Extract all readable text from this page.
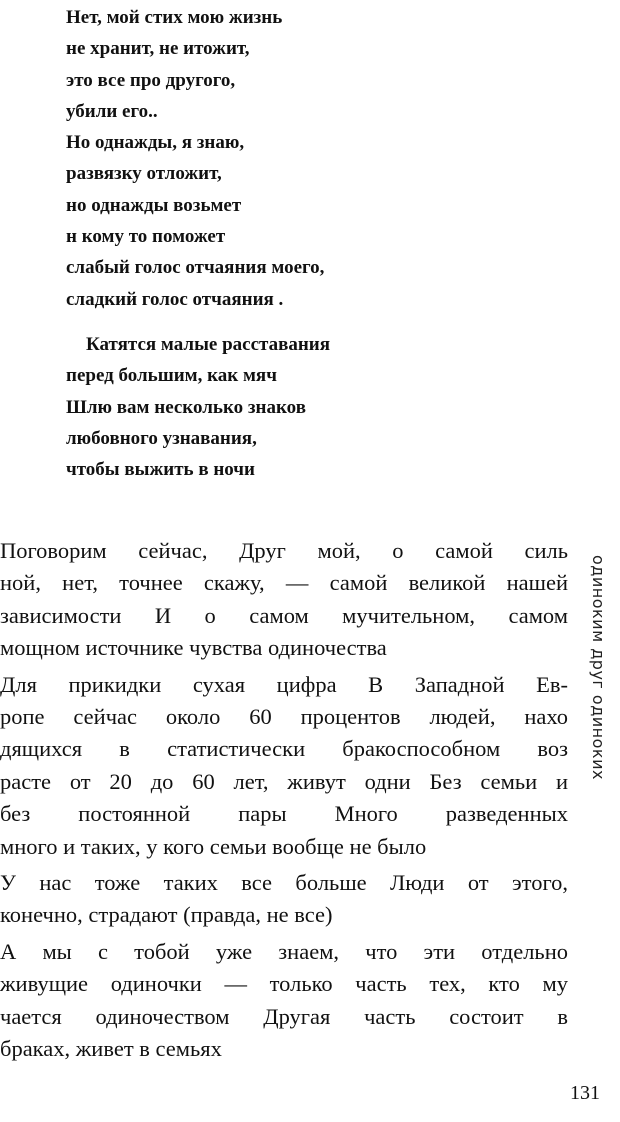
Нет, мой стих мою жизнь
не хранит, не итожит,
это все про другого,
убили его..
Но однажды, я знаю,
развязку отложит,
но однажды возьмет
н кому то поможет
слабый голос отчаяния моего,
сладкий голос отчаяния .

Катятся малые расставания
перед большим, как мяч
Шлю вам несколько знаков
любовного узнавания,
чтобы выжить в ночи

Поговорим сейчас, Друг мой, о самой силь
ной, нет, точнее скажу, — самой великой нашей
зависимости И о самом мучительном, самом
мощном источнике чувства одиночества

Для прикидки сухая цифра В Западной Ев-
ропе сейчас около 60 процентов людей, нахо
дящихся в статистически бракоспособном воз
расте от 20 до 60 лет, живут одни Без семьи и
без постоянной пары Много разведенных
много и таких, у кого семьи вообще не было

У нас тоже таких все больше Люди от этого,
конечно, страдают (правда, не все)

А мы с тобой уже знаем, что эти отдельно
живущие одиночки — только часть тех, кто му
чается одиночеством Другая часть состоит в
браках, живет в семьях

одиноким друг одиноких
131
